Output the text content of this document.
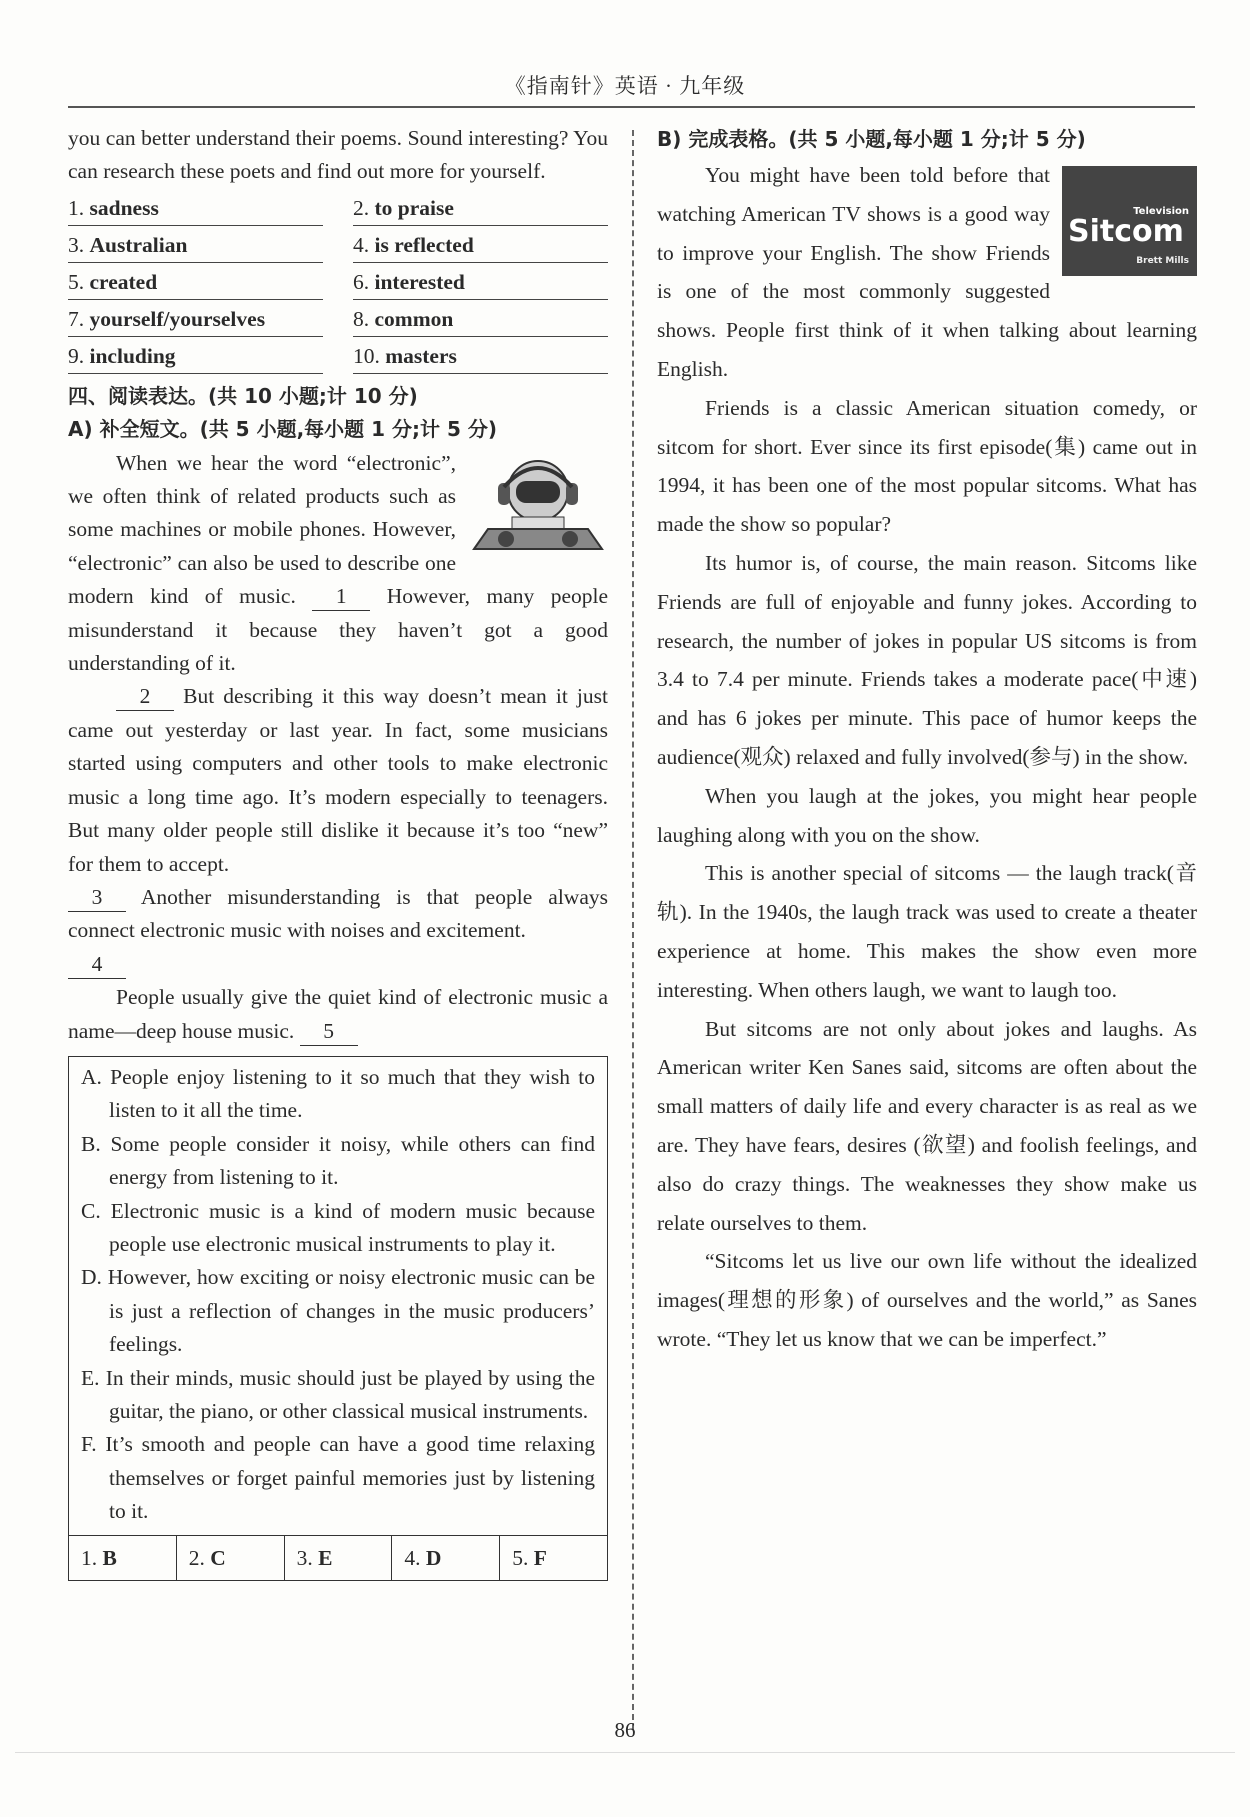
《指南针》英语 · 九年级

you can better understand their poems. Sound interesting? You can research these poets and find out more for yourself.

1. sadness	2. to praise
3. Australian	4. is reflected
5. created	6. interested
7. yourself/yourselves	8. common
9. including	10. masters
四、阅读表达。(共 10 小题;计 10 分)
A) 补全短文。(共 5 小题,每小题 1 分;计 5 分)

When we hear the word “electronic”, we often think of related products such as some machines or mobile phones. However, “electronic” can also be used to describe one modern kind of music. 1 However, many people misunderstand it because they haven’t got a good understanding of it.

2 But describing it this way doesn’t mean it just came out yesterday or last year. In fact, some musicians started using computers and other tools to make electronic music a long time ago. It’s modern especially to teenagers. But many older people still dislike it because it’s too “new” for them to accept.

3 Another misunderstanding is that people always connect electronic music with noises and excitement.

4

People usually give the quiet kind of electronic music a name—deep house music. 5

A. People enjoy listening to it so much that they wish to listen to it all the time.
B. Some people consider it noisy, while others can find energy from listening to it.
C. Electronic music is a kind of modern music because people use electronic musical instruments to play it.
D. However, how exciting or noisy electronic music can be is just a reflection of changes in the music producers’ feelings.
E. In their minds, music should just be played by using the guitar, the piano, or other classical musical instruments.
F. It’s smooth and people can have a good time relaxing themselves or forget painful memories just by listening to it.
1. B	2. C	3. E	4. D	5. F
B) 完成表格。(共 5 小题,每小题 1 分;计 5 分)
Television
Sitcom
Brett Mills

You might have been told before that watching American TV shows is a good way to improve your English. The show Friends is one of the most commonly suggested shows. People first think of it when talking about learning English.

Friends is a classic American situation comedy, or sitcom for short. Ever since its first episode(集) came out in 1994, it has been one of the most popular sitcoms. What has made the show so popular?

Its humor is, of course, the main reason. Sitcoms like Friends are full of enjoyable and funny jokes. According to research, the number of jokes in popular US sitcoms is from 3.4 to 7.4 per minute. Friends takes a moderate pace(中速) and has 6 jokes per minute. This pace of humor keeps the audience(观众) relaxed and fully involved(参与) in the show.

When you laugh at the jokes, you might hear people laughing along with you on the show.

This is another special of sitcoms — the laugh track(音轨). In the 1940s, the laugh track was used to create a theater experience at home. This makes the show even more interesting. When others laugh, we want to laugh too.

But sitcoms are not only about jokes and laughs. As American writer Ken Sanes said, sitcoms are often about the small matters of daily life and every character is as real as we are. They have fears, desires (欲望) and foolish feelings, and also do crazy things. The weaknesses they show make us relate ourselves to them.

“Sitcoms let us live our own life without the idealized images(理想的形象) of ourselves and the world,” as Sanes wrote. “They let us know that we can be imperfect.”

86
